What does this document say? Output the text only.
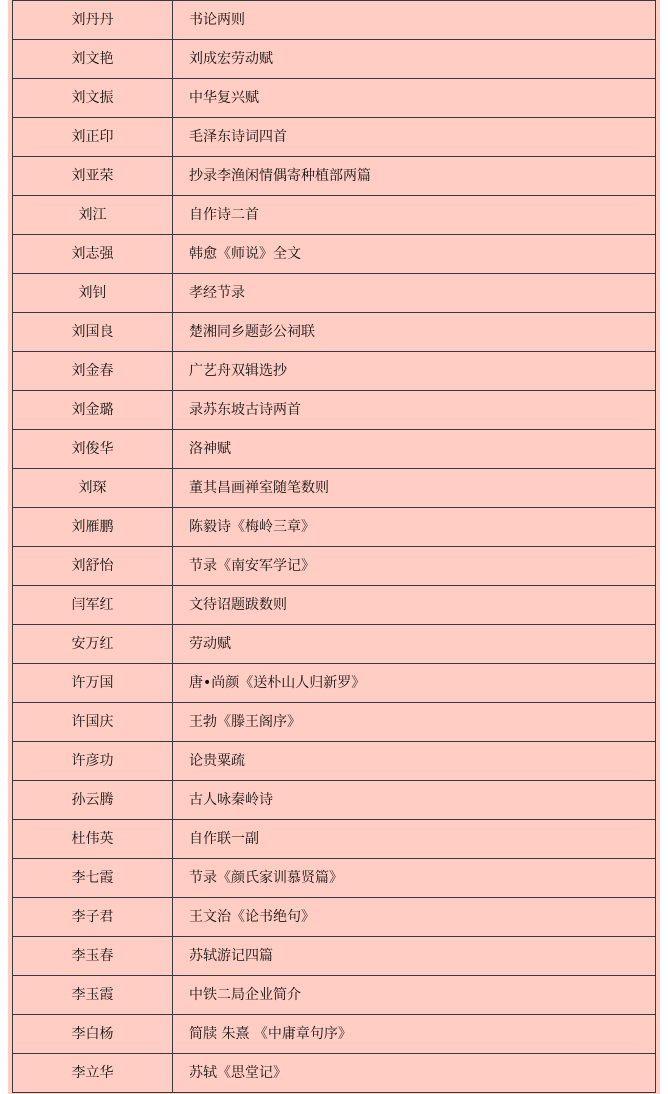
刘丹丹	书论两则
刘文艳	刘成宏劳动赋
刘文振	中华复兴赋
刘正印	毛泽东诗词四首
刘亚荣	抄录李渔闲情偶寄种植部两篇
刘江	自作诗二首
刘志强	韩愈《师说》全文
刘钊	孝经节录
刘国良	楚湘同乡题彭公祠联
刘金春	广艺舟双辑选抄
刘金璐	录苏东坡古诗两首
刘俊华	洛神赋
刘琛	董其昌画禅室随笔数则
刘雁鹏	陈毅诗《梅岭三章》
刘舒怡	节录《南安军学记》
闫军红	文待诏题跋数则
安万红	劳动赋
许万国	唐•尚颜《送朴山人归新罗》
许国庆	王勃《滕王阁序》
许彦功	论贵粟疏
孙云腾	古人咏秦岭诗
杜伟英	自作联一副
李七霞	节录《颜氏家训慕贤篇》
李子君	王文治《论书绝句》
李玉春	苏轼游记四篇
李玉霞	中铁二局企业简介
李白杨	简牍 朱熹 《中庸章句序》
李立华	苏轼《思堂记》
